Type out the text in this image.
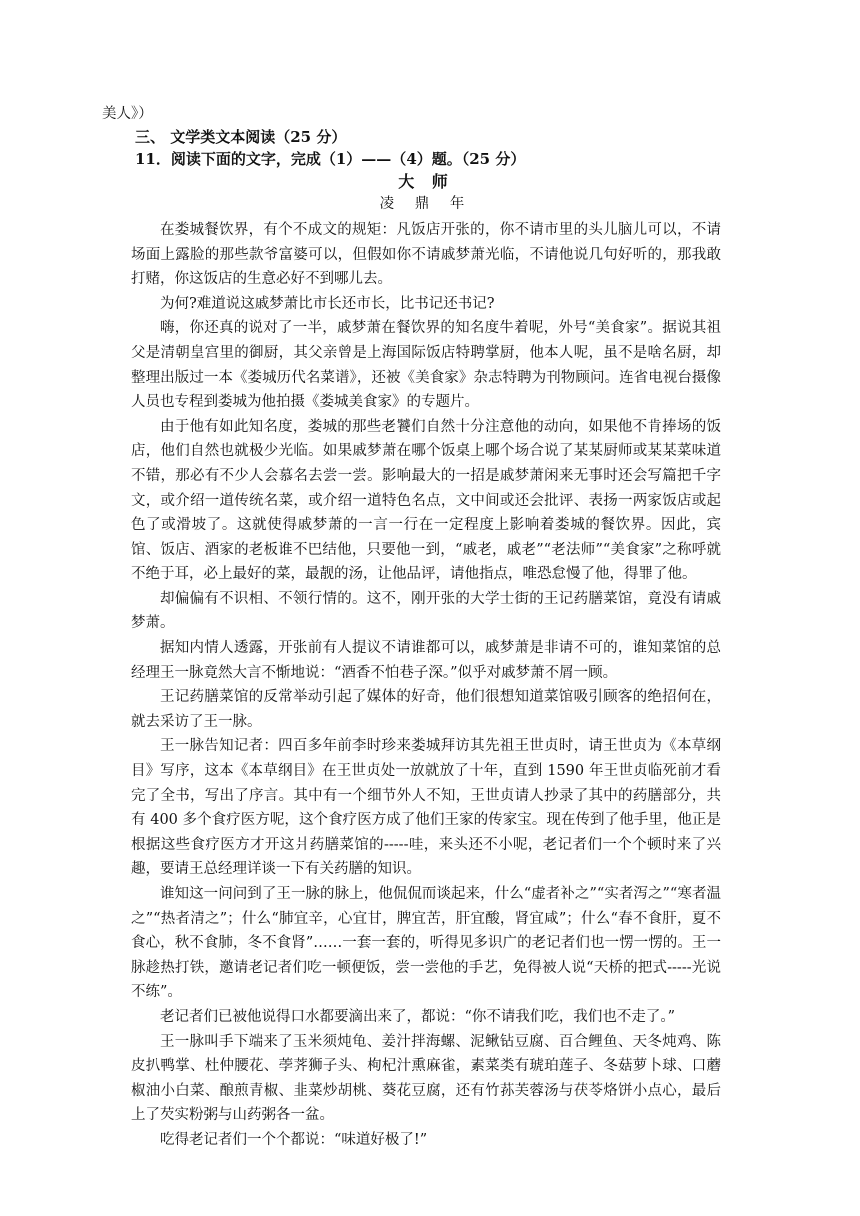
美人》）
三、 文学类文本阅读（25 分）
11．阅读下面的文字，完成（1）——（4）题。（25 分）
大 师
凌 鼎 年

在娄城餐饮界，有个不成文的规矩：凡饭店开张的，你不请市里的头儿脑儿可以，不请场面上露脸的那些款爷富婆可以，但假如你不请戚梦萧光临，不请他说几句好听的，那我敢打赌，你这饭店的生意必好不到哪儿去。

为何?难道说这戚梦萧比市长还市长，比书记还书记?

嗨，你还真的说对了一半，戚梦萧在餐饮界的知名度牛着呢，外号“美食家”。据说其祖父是清朝皇宫里的御厨，其父亲曾是上海国际饭店特聘掌厨，他本人呢，虽不是啥名厨，却整理出版过一本《娄城历代名菜谱》，还被《美食家》杂志特聘为刊物顾问。连省电视台摄像人员也专程到娄城为他拍摄《娄城美食家》的专题片。

由于他有如此知名度，娄城的那些老饕们自然十分注意他的动向，如果他不肯捧场的饭店，他们自然也就极少光临。如果戚梦萧在哪个饭桌上哪个场合说了某某厨师或某某菜味道不错，那必有不少人会慕名去尝一尝。影响最大的一招是戚梦萧闲来无事时还会写篇把千字文，或介绍一道传统名菜，或介绍一道特色名点，文中间或还会批评、表扬一两家饭店或起色了或滑坡了。这就使得戚梦萧的一言一行在一定程度上影响着娄城的餐饮界。因此，宾馆、饭店、酒家的老板谁不巴结他，只要他一到，“戚老，戚老”“老法师”“美食家”之称呼就不绝于耳，必上最好的菜，最靓的汤，让他品评，请他指点，唯恐怠慢了他，得罪了他。

却偏偏有不识相、不领行情的。这不，刚开张的大学士街的王记药膳菜馆，竟没有请戚梦萧。

据知内情人透露，开张前有人提议不请谁都可以，戚梦萧是非请不可的，谁知菜馆的总经理王一脉竟然大言不惭地说：“酒香不怕巷子深。”似乎对戚梦萧不屑一顾。

王记药膳菜馆的反常举动引起了媒体的好奇，他们很想知道菜馆吸引顾客的绝招何在，就去采访了王一脉。

王一脉告知记者：四百多年前李时珍来娄城拜访其先祖王世贞时，请王世贞为《本草纲目》写序，这本《本草纲目》在王世贞处一放就放了十年，直到 1590 年王世贞临死前才看完了全书，写出了序言。其中有一个细节外人不知，王世贞请人抄录了其中的药膳部分，共有 400 多个食疗医方呢，这个食疗医方成了他们王家的传家宝。现在传到了他手里，他正是根据这些食疗医方才开这爿药膳菜馆的-----哇，来头还不小呢，老记者们一个个顿时来了兴趣，要请王总经理详谈一下有关药膳的知识。

谁知这一问问到了王一脉的脉上，他侃侃而谈起来，什么“虚者补之”“实者泻之”“寒者温之”“热者清之”；什么“肺宜辛，心宜甘，脾宜苦，肝宜酸，肾宜咸”；什么“春不食肝，夏不食心，秋不食肺，冬不食肾”……一套一套的，听得见多识广的老记者们也一愣一愣的。王一脉趁热打铁，邀请老记者们吃一顿便饭，尝一尝他的手艺，免得被人说“天桥的把式-----光说不练”。

老记者们已被他说得口水都要滴出来了，都说：“你不请我们吃，我们也不走了。”

王一脉叫手下端来了玉米须炖龟、姜汁拌海螺、泥鳅钻豆腐、百合鲤鱼、天冬炖鸡、陈皮扒鸭掌、杜仲腰花、荸荠狮子头、枸杞汁熏麻雀，素菜类有琥珀莲子、冬菇萝卜球、口蘑椒油小白菜、酿煎青椒、韭菜炒胡桃、葵花豆腐，还有竹荪芙蓉汤与茯苓烙饼小点心，最后上了芡实粉粥与山药粥各一盆。

吃得老记者们一个个都说：“味道好极了!”
